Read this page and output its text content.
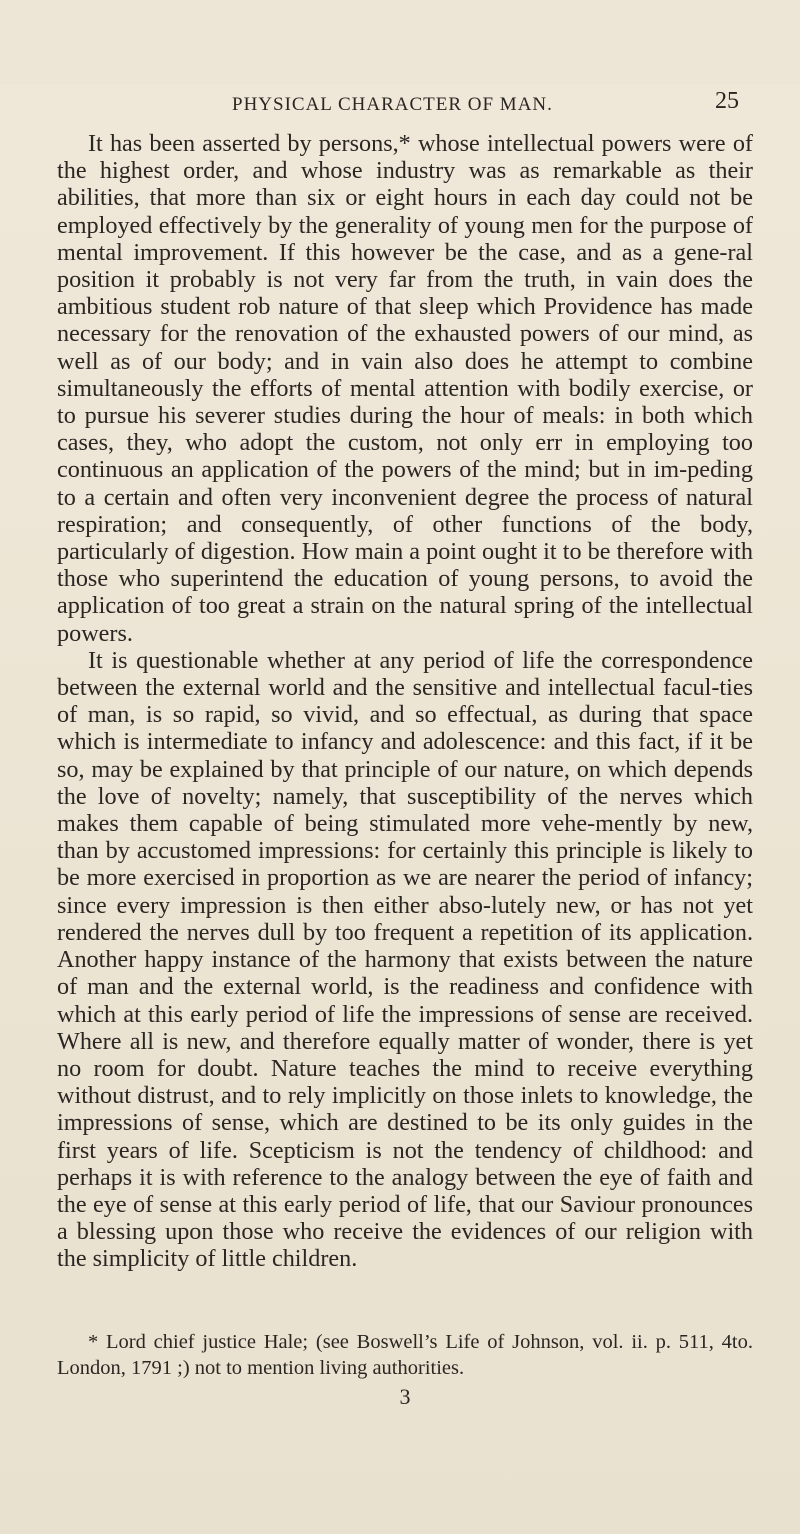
PHYSICAL CHARACTER OF MAN.	25

It has been asserted by persons,* whose intellectual powers were of the highest order, and whose industry was as remarkable as their abilities, that more than six or eight hours in each day could not be employed effectively by the generality of young men for the purpose of mental improvement. If this however be the case, and as a gene-ral position it probably is not very far from the truth, in vain does the ambitious student rob nature of that sleep which Providence has made necessary for the renovation of the exhausted powers of our mind, as well as of our body; and in vain also does he attempt to combine simultaneously the efforts of mental attention with bodily exercise, or to pursue his severer studies during the hour of meals: in both which cases, they, who adopt the custom, not only err in employing too continuous an application of the powers of the mind; but in im-peding to a certain and often very inconvenient degree the process of natural respiration; and consequently, of other functions of the body, particularly of digestion. How main a point ought it to be therefore with those who superintend the education of young persons, to avoid the application of too great a strain on the natural spring of the intellectual powers.

It is questionable whether at any period of life the correspondence between the external world and the sensitive and intellectual facul-ties of man, is so rapid, so vivid, and so effectual, as during that space which is intermediate to infancy and adolescence: and this fact, if it be so, may be explained by that principle of our nature, on which depends the love of novelty; namely, that susceptibility of the nerves which makes them capable of being stimulated more vehe-mently by new, than by accustomed impressions: for certainly this principle is likely to be more exercised in proportion as we are nearer the period of infancy; since every impression is then either abso-lutely new, or has not yet rendered the nerves dull by too frequent a repetition of its application. Another happy instance of the harmony that exists between the nature of man and the external world, is the readiness and confidence with which at this early period of life the impressions of sense are received. Where all is new, and therefore equally matter of wonder, there is yet no room for doubt. Nature teaches the mind to receive everything without distrust, and to rely implicitly on those inlets to knowledge, the impressions of sense, which are destined to be its only guides in the first years of life. Scepticism is not the tendency of childhood: and perhaps it is with reference to the analogy between the eye of faith and the eye of sense at this early period of life, that our Saviour pronounces a blessing upon those who receive the evidences of our religion with the simplicity of little children.

* Lord chief justice Hale; (see Boswell’s Life of Johnson, vol. ii. p. 511, 4to. London, 1791 ;) not to mention living authorities.
3
